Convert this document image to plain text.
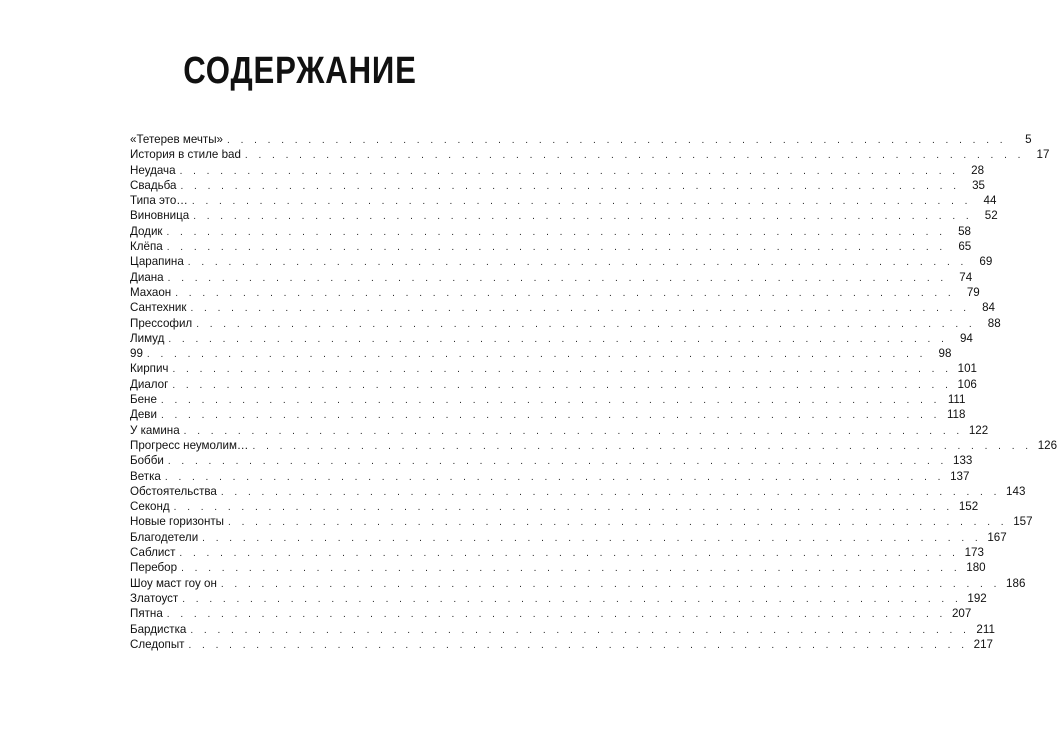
СОДЕРЖАНИЕ
«Тетерев мечты» . . . . . . . . . . . . . . . . . . . . . . . . . . . . . . . . . . . . . . . . . . . . . . . . . . . . . . . . . .	5
История в стиле bad . . . . . . . . . . . . . . . . . . . . . . . . . . . . . . . . . . . . . . . . . . . . . . . . . . . . . . . . . .	17
Неудача . . . . . . . . . . . . . . . . . . . . . . . . . . . . . . . . . . . . . . . . . . . . . . . . . . . . . . . . . .	28
Свадьба . . . . . . . . . . . . . . . . . . . . . . . . . . . . . . . . . . . . . . . . . . . . . . . . . . . . . . . . . .	35
Типа это… . . . . . . . . . . . . . . . . . . . . . . . . . . . . . . . . . . . . . . . . . . . . . . . . . . . . . . . . . .	44
Виновница . . . . . . . . . . . . . . . . . . . . . . . . . . . . . . . . . . . . . . . . . . . . . . . . . . . . . . . . . .	52
Додик . . . . . . . . . . . . . . . . . . . . . . . . . . . . . . . . . . . . . . . . . . . . . . . . . . . . . . . . . .	58
Клёпа . . . . . . . . . . . . . . . . . . . . . . . . . . . . . . . . . . . . . . . . . . . . . . . . . . . . . . . . . .	65
Царапина . . . . . . . . . . . . . . . . . . . . . . . . . . . . . . . . . . . . . . . . . . . . . . . . . . . . . . . . . .	69
Диана . . . . . . . . . . . . . . . . . . . . . . . . . . . . . . . . . . . . . . . . . . . . . . . . . . . . . . . . . .	74
Махаон . . . . . . . . . . . . . . . . . . . . . . . . . . . . . . . . . . . . . . . . . . . . . . . . . . . . . . . . . .	79
Сантехник . . . . . . . . . . . . . . . . . . . . . . . . . . . . . . . . . . . . . . . . . . . . . . . . . . . . . . . . . .	84
Прессофил . . . . . . . . . . . . . . . . . . . . . . . . . . . . . . . . . . . . . . . . . . . . . . . . . . . . . . . . . .	88
Лимуд . . . . . . . . . . . . . . . . . . . . . . . . . . . . . . . . . . . . . . . . . . . . . . . . . . . . . . . . . .	94
99 . . . . . . . . . . . . . . . . . . . . . . . . . . . . . . . . . . . . . . . . . . . . . . . . . . . . . . . . . .	98
Кирпич . . . . . . . . . . . . . . . . . . . . . . . . . . . . . . . . . . . . . . . . . . . . . . . . . . . . . . . . . . 101
Диалог . . . . . . . . . . . . . . . . . . . . . . . . . . . . . . . . . . . . . . . . . . . . . . . . . . . . . . . . . . 106
Бене . . . . . . . . . . . . . . . . . . . . . . . . . . . . . . . . . . . . . . . . . . . . . . . . . . . . . . . . . . 111
Деви . . . . . . . . . . . . . . . . . . . . . . . . . . . . . . . . . . . . . . . . . . . . . . . . . . . . . . . . . . 118
У камина . . . . . . . . . . . . . . . . . . . . . . . . . . . . . . . . . . . . . . . . . . . . . . . . . . . . . . . . . . 122
Прогресс неумолим… . . . . . . . . . . . . . . . . . . . . . . . . . . . . . . . . . . . . . . . . . . . . . . . . . . . . . . . . . . 126
Бобби . . . . . . . . . . . . . . . . . . . . . . . . . . . . . . . . . . . . . . . . . . . . . . . . . . . . . . . . . . 133
Ветка . . . . . . . . . . . . . . . . . . . . . . . . . . . . . . . . . . . . . . . . . . . . . . . . . . . . . . . . . . 137
Обстоятельства . . . . . . . . . . . . . . . . . . . . . . . . . . . . . . . . . . . . . . . . . . . . . . . . . . . . . . . . . . 143
Секонд . . . . . . . . . . . . . . . . . . . . . . . . . . . . . . . . . . . . . . . . . . . . . . . . . . . . . . . . . . 152
Новые горизонты . . . . . . . . . . . . . . . . . . . . . . . . . . . . . . . . . . . . . . . . . . . . . . . . . . . . . . . . . . 157
Благодетели . . . . . . . . . . . . . . . . . . . . . . . . . . . . . . . . . . . . . . . . . . . . . . . . . . . . . . . . . . 167
Саблист . . . . . . . . . . . . . . . . . . . . . . . . . . . . . . . . . . . . . . . . . . . . . . . . . . . . . . . . . . 173
Перебор . . . . . . . . . . . . . . . . . . . . . . . . . . . . . . . . . . . . . . . . . . . . . . . . . . . . . . . . . . 180
Шоу маст гоу он . . . . . . . . . . . . . . . . . . . . . . . . . . . . . . . . . . . . . . . . . . . . . . . . . . . . . . . . . . 186
Златоуст . . . . . . . . . . . . . . . . . . . . . . . . . . . . . . . . . . . . . . . . . . . . . . . . . . . . . . . . . . 192
Пятна . . . . . . . . . . . . . . . . . . . . . . . . . . . . . . . . . . . . . . . . . . . . . . . . . . . . . . . . . . 207
Бардистка . . . . . . . . . . . . . . . . . . . . . . . . . . . . . . . . . . . . . . . . . . . . . . . . . . . . . . . . . . 211
Следопыт . . . . . . . . . . . . . . . . . . . . . . . . . . . . . . . . . . . . . . . . . . . . . . . . . . . . . . . . . . 217
